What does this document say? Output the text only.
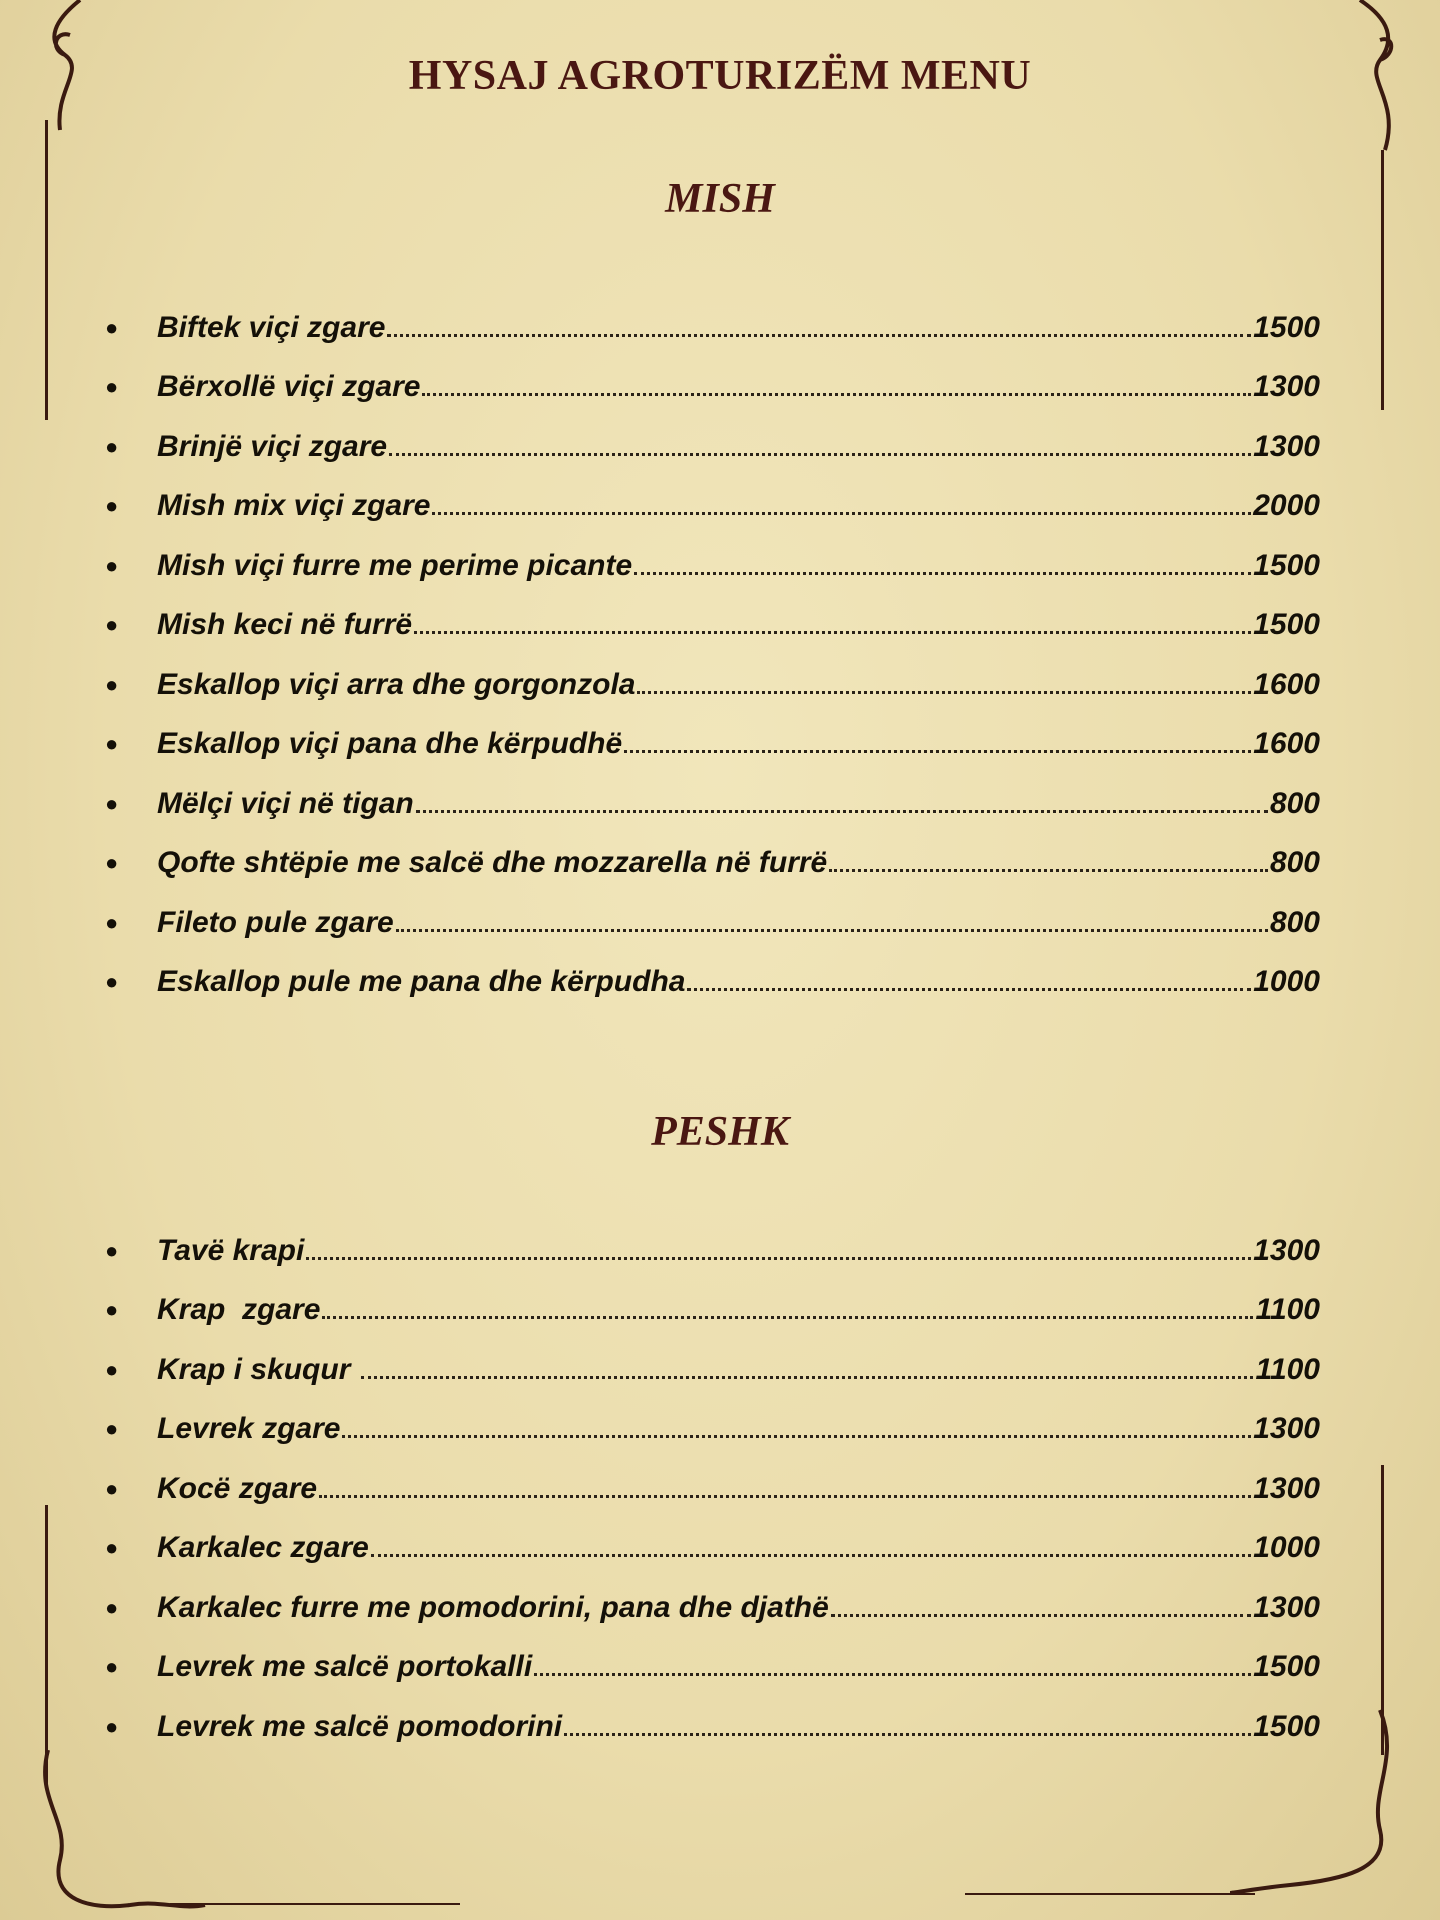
HYSAJ AGROTURIZËM MENU
MISH
●	Biftek viçi zgare	1500
●	Bërxollë viçi zgare	1300
●	Brinjë viçi zgare	1300
●	Mish mix viçi zgare	2000
●	Mish viçi furre me perime picante	1500
●	Mish keci në furrë	1500
●	Eskallop viçi arra dhe gorgonzola	1600
●	Eskallop viçi pana dhe kërpudhë	1600
●	Mëlçi viçi në tigan	800
●	Qofte shtëpie me salcë dhe mozzarella në furrë	800
●	Fileto pule zgare	800
●	Eskallop pule me pana dhe kërpudha	1000
PESHK
●	Tavë krapi	1300
●	Krap  zgare	1100
●	Krap i skuqur	1100
●	Levrek zgare	1300
●	Kocë zgare	1300
●	Karkalec zgare	1000
●	Karkalec furre me pomodorini, pana dhe djathë	1300
●	Levrek me salcë portokalli	1500
●	Levrek me salcë pomodorini	1500
